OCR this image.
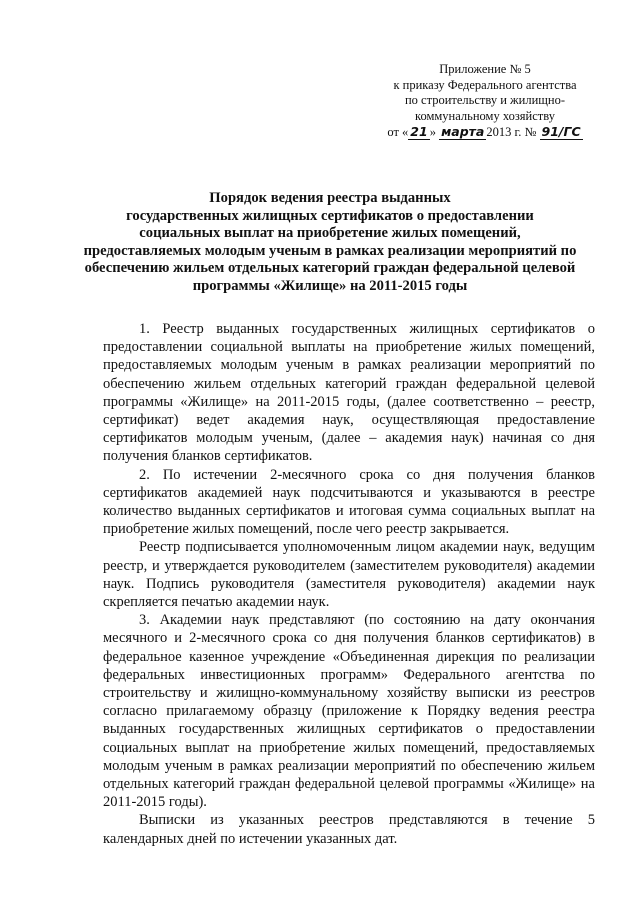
Приложение № 5
к приказу Федерального агентства
по строительству и жилищно-
коммунальному хозяйству
от « 21 » марта 2013 г. № 91/ГС
Порядок ведения реестра выданных
государственных жилищных сертификатов о предоставлении
социальных выплат на приобретение жилых помещений,
предоставляемых молодым ученым в рамках реализации мероприятий по
обеспечению жильем отдельных категорий граждан федеральной целевой
программы «Жилище» на 2011-2015 годы

1. Реестр выданных государственных жилищных сертификатов о предоставлении социальной выплаты на приобретение жилых помещений, предоставляемых молодым ученым в рамках реализации мероприятий по обеспечению жильем отдельных категорий граждан федеральной целевой программы «Жилище» на 2011-2015 годы, (далее соответственно – реестр, сертификат) ведет академия наук, осуществляющая предоставление сертификатов молодым ученым, (далее – академия наук) начиная со дня получения бланков сертификатов.

2. По истечении 2-месячного срока со дня получения бланков сертификатов академией наук подсчитываются и указываются в реестре количество выданных сертификатов и итоговая сумма социальных выплат на приобретение жилых помещений, после чего реестр закрывается.

Реестр подписывается уполномоченным лицом академии наук, ведущим реестр, и утверждается руководителем (заместителем руководителя) академии наук. Подпись руководителя (заместителя руководителя) академии наук скрепляется печатью академии наук.

3. Академии наук представляют (по состоянию на дату окончания месячного и 2-месячного срока со дня получения бланков сертификатов) в федеральное казенное учреждение «Объединенная дирекция по реализации федеральных инвестиционных программ» Федерального агентства по строительству и жилищно-коммунальному хозяйству выписки из реестров согласно прилагаемому образцу (приложение к Порядку ведения реестра выданных государственных жилищных сертификатов о предоставлении социальных выплат на приобретение жилых помещений, предоставляемых молодым ученым в рамках реализации мероприятий по обеспечению жильем отдельных категорий граждан федеральной целевой программы «Жилище» на 2011-2015 годы).

Выписки из указанных реестров представляются в течение 5 календарных дней по истечении указанных дат.
